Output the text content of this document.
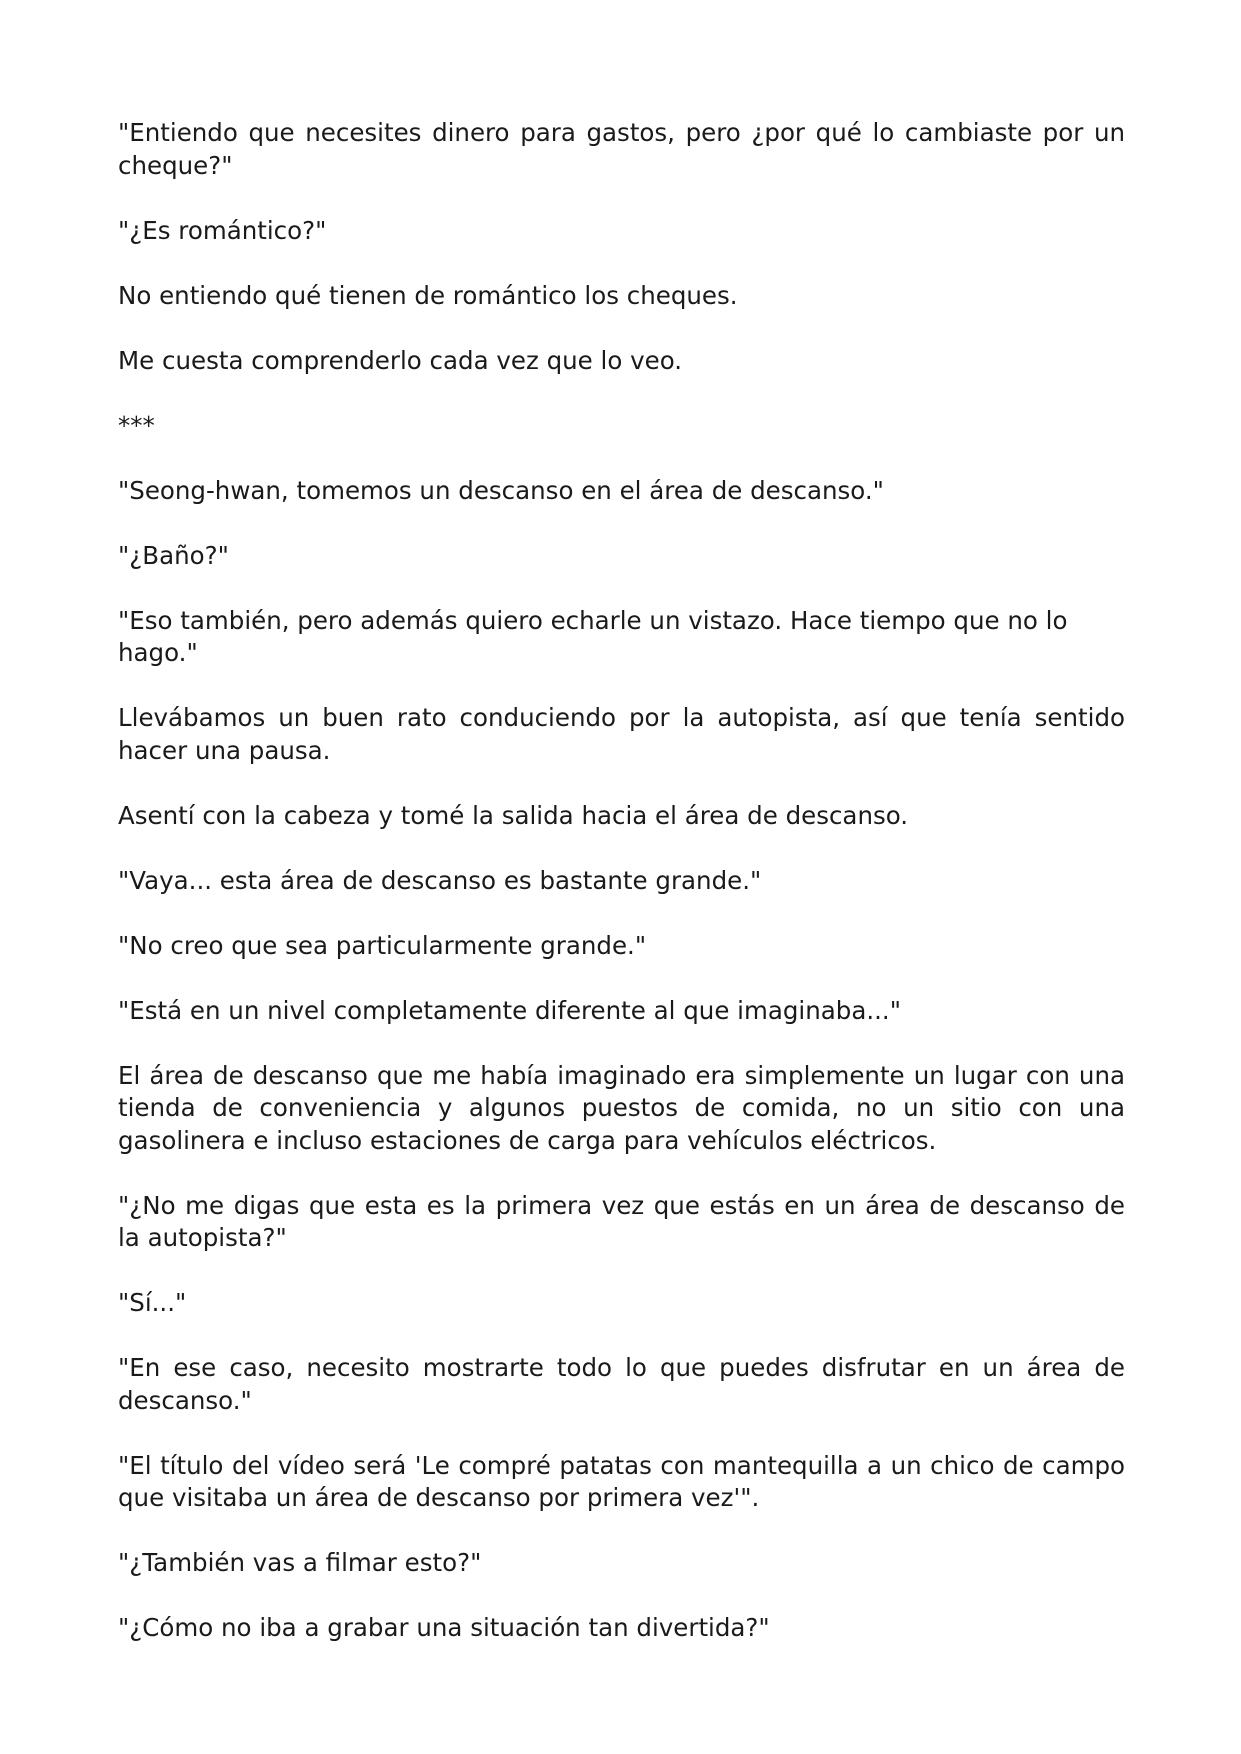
"Entiendo que necesites dinero para gastos, pero ¿por qué lo cambiaste por un cheque?"

"¿Es romántico?"

No entiendo qué tienen de romántico los cheques.

Me cuesta comprenderlo cada vez que lo veo.

***

"Seong-hwan, tomemos un descanso en el área de descanso."

"¿Baño?"

"Eso también, pero además quiero echarle un vistazo. Hace tiempo que no lo hago."

Llevábamos un buen rato conduciendo por la autopista, así que tenía sentido hacer una pausa.

Asentí con la cabeza y tomé la salida hacia el área de descanso.

"Vaya... esta área de descanso es bastante grande."

"No creo que sea particularmente grande."

"Está en un nivel completamente diferente al que imaginaba..."

El área de descanso que me había imaginado era simplemente un lugar con una tienda de conveniencia y algunos puestos de comida, no un sitio con una gasolinera e incluso estaciones de carga para vehículos eléctricos.

"¿No me digas que esta es la primera vez que estás en un área de descanso de la autopista?"

"Sí..."

"En ese caso, necesito mostrarte todo lo que puedes disfrutar en un área de descanso."

"El título del vídeo será 'Le compré patatas con mantequilla a un chico de campo que visitaba un área de descanso por primera vez'".

"¿También vas a filmar esto?"

"¿Cómo no iba a grabar una situación tan divertida?"
